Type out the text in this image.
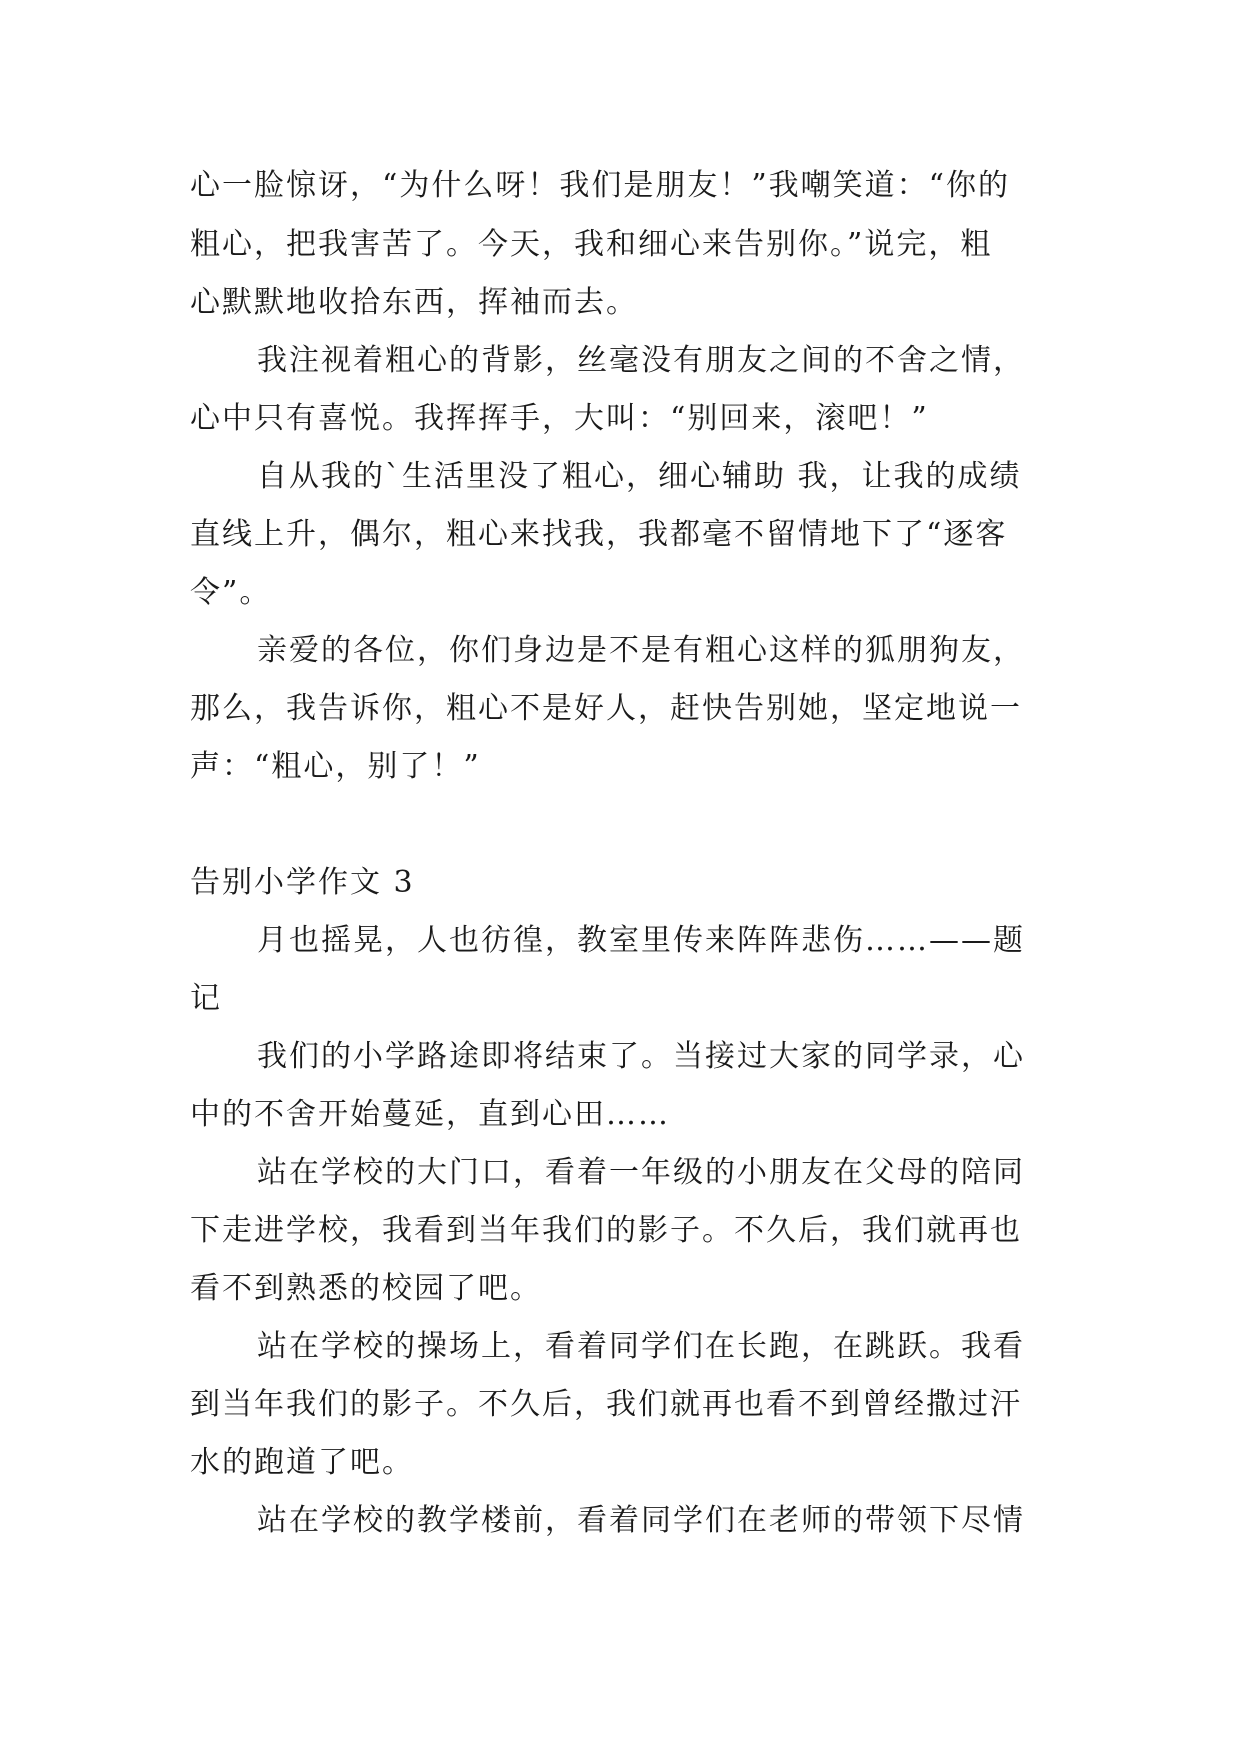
心一脸惊讶，“为什么呀！我们是朋友！”我嘲笑道：“你的
粗心，把我害苦了。今天，我和细心来告别你。”说完，粗
心默默地收拾东西，挥袖而去。
我注视着粗心的背影，丝毫没有朋友之间的不舍之情，
心中只有喜悦。我挥挥手，大叫：“别回来，滚吧！”
自从我的`生活里没了粗心，细心辅助 我，让我的成绩
直线上升，偶尔，粗心来找我，我都毫不留情地下了“逐客
令”。
亲爱的各位，你们身边是不是有粗心这样的狐朋狗友，
那么，我告诉你，粗心不是好人，赶快告别她，坚定地说一
声：“粗心，别了！”
告别小学作文 3
月也摇晃，人也彷徨，教室里传来阵阵悲伤……——题
记
我们的小学路途即将结束了。当接过大家的同学录，心
中的不舍开始蔓延，直到心田……
站在学校的大门口，看着一年级的小朋友在父母的陪同
下走进学校，我看到当年我们的影子。不久后，我们就再也
看不到熟悉的校园了吧。
站在学校的操场上，看着同学们在长跑，在跳跃。我看
到当年我们的影子。不久后，我们就再也看不到曾经撒过汗
水的跑道了吧。
站在学校的教学楼前，看着同学们在老师的带领下尽情
